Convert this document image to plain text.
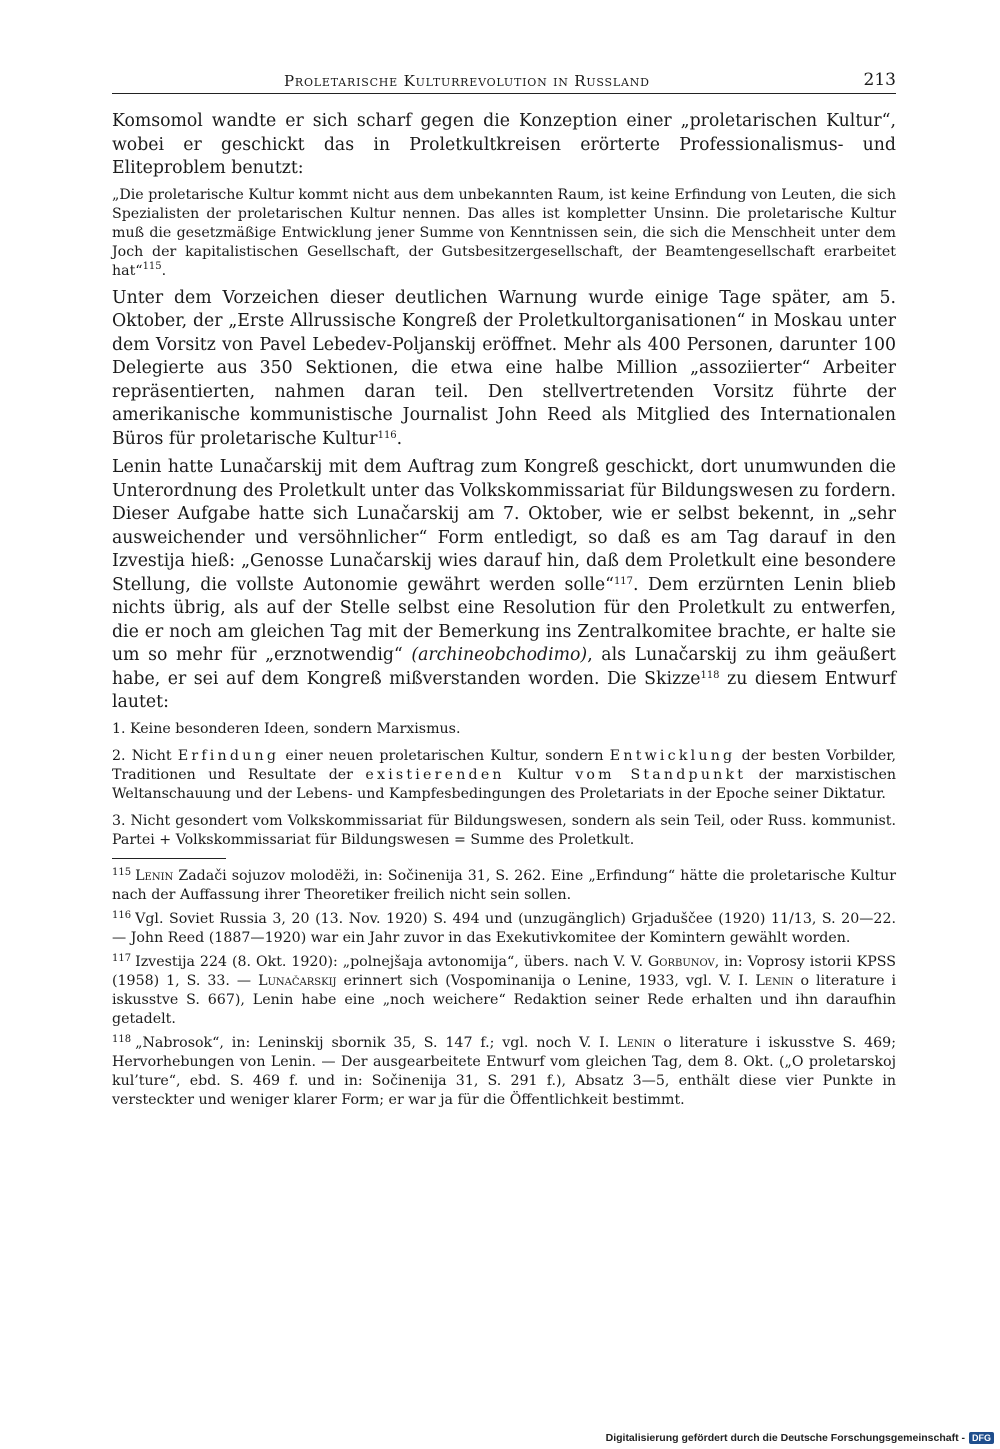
Proletarische Kulturrevolution in Russland	213

Komsomol wandte er sich scharf gegen die Konzeption einer „proletarischen Kultur“, wobei er geschickt das in Proletkultkreisen erörterte Professionalismus- und Eliteproblem benutzt:

„Die proletarische Kultur kommt nicht aus dem unbekannten Raum, ist keine Erfindung von Leuten, die sich Spezialisten der proletarischen Kultur nennen. Das alles ist kompletter Unsinn. Die proletarische Kultur muß die gesetzmäßige Entwicklung jener Summe von Kenntnissen sein, die sich die Menschheit unter dem Joch der kapitalistischen Gesellschaft, der Gutsbesitzergesellschaft, der Beamtengesellschaft erarbeitet hat“$^{115}$.

Unter dem Vorzeichen dieser deutlichen Warnung wurde einige Tage später, am 5. Oktober, der „Erste Allrussische Kongreß der Proletkultorganisationen“ in Moskau unter dem Vorsitz von Pavel Lebedev-Poljanskij eröffnet. Mehr als 400 Personen, darunter 100 Delegierte aus 350 Sektionen, die etwa eine halbe Million „assoziierter“ Arbeiter repräsentierten, nahmen daran teil. Den stellvertretenden Vorsitz führte der amerikanische kommunistische Journalist John Reed als Mitglied des Internationalen Büros für proletarische Kultur$^{116}$.

Lenin hatte Lunačarskij mit dem Auftrag zum Kongreß geschickt, dort unumwunden die Unterordnung des Proletkult unter das Volkskommissariat für Bildungswesen zu fordern. Dieser Aufgabe hatte sich Lunačarskij am 7. Oktober, wie er selbst bekennt, in „sehr ausweichender und versöhnlicher“ Form entledigt, so daß es am Tag darauf in den Izvestija hieß: „Genosse Lunačarskij wies darauf hin, daß dem Proletkult eine besondere Stellung, die vollste Autonomie gewährt werden solle“$^{117}$. Dem erzürnten Lenin blieb nichts übrig, als auf der Stelle selbst eine Resolution für den Proletkult zu entwerfen, die er noch am gleichen Tag mit der Bemerkung ins Zentralkomitee brachte, er halte sie um so mehr für „erznotwendig“ (archineobchodimo), als Lunačarskij zu ihm geäußert habe, er sei auf dem Kongreß mißverstanden worden. Die Skizze$^{118}$ zu diesem Entwurf lautet:

1. Keine besonderen Ideen, sondern Marxismus.

2. Nicht Erfindung einer neuen proletarischen Kultur, sondern Entwicklung der besten Vorbilder, Traditionen und Resultate der existierenden Kultur vom Standpunkt der marxistischen Weltanschauung und der Lebens- und Kampfesbedingungen des Proletariats in der Epoche seiner Diktatur.

3. Nicht gesondert vom Volkskommissariat für Bildungswesen, sondern als sein Teil, oder Russ. kommunist. Partei + Volkskommissariat für Bildungswesen = Summe des Proletkult.

$^{115}$ Lenin Zadači sojuzov molodëži, in: Sočinenija 31, S. 262. Eine „Erfindung“ hätte die proletarische Kultur nach der Auffassung ihrer Theoretiker freilich nicht sein sollen.

$^{116}$ Vgl. Soviet Russia 3, 20 (13. Nov. 1920) S. 494 und (unzugänglich) Grjaduščee (1920) 11/13, S. 20—22. — John Reed (1887—1920) war ein Jahr zuvor in das Exekutivkomitee der Komintern gewählt worden.

$^{117}$ Izvestija 224 (8. Okt. 1920): „polnejšaja avtonomija“, übers. nach V. V. Gorbunov, in: Voprosy istorii KPSS (1958) 1, S. 33. — Lunačarskij erinnert sich (Vospominanija o Lenine, 1933, vgl. V. I. Lenin o literature i iskusstve S. 667), Lenin habe eine „noch weichere“ Redaktion seiner Rede erhalten und ihn daraufhin getadelt.

$^{118}$ „Nabrosok“, in: Leninskij sbornik 35, S. 147 f.; vgl. noch V. I. Lenin o literature i iskusstve S. 469; Hervorhebungen von Lenin. — Der ausgearbeitete Entwurf vom gleichen Tag, dem 8. Okt. („O proletarskoj kul’ture“, ebd. S. 469 f. und in: Sočinenija 31, S. 291 f.), Absatz 3—5, enthält diese vier Punkte in versteckter und weniger klarer Form; er war ja für die Öffentlichkeit bestimmt.

Digitalisierung gefördert durch die Deutsche Forschungsgemeinschaft - DFG
